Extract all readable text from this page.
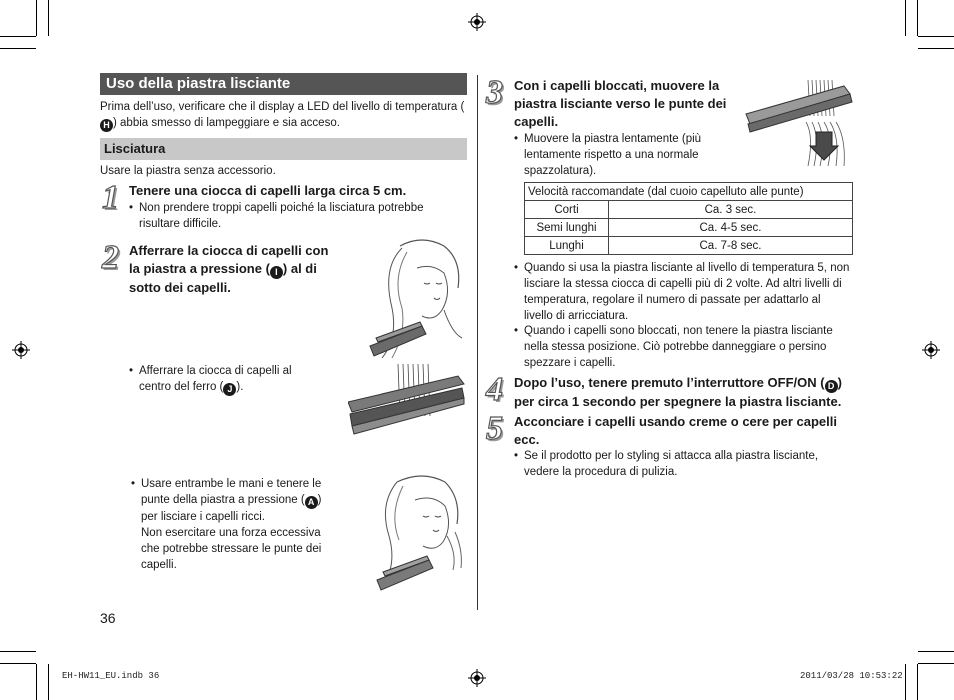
Uso della piastra lisciante
Prima dell’uso, verificare che il display a LED del livello di temperatura (H ) abbia smesso di lampeggiare e sia acceso.
Lisciatura
Usare la piastra senza accessorio.
1 Tenere una ciocca di capelli larga circa 5 cm.
• Non prendere troppi capelli poiché la lisciatura potrebbe risultare difficile.
2 Afferrare la ciocca di capelli con la piastra a pressione ( I ) al di sotto dei capelli.
• Afferrare la ciocca di capelli al centro del ferro ( J ).
• Usare entrambe le mani e tenere le punte della piastra a pressione ( A ) per lisciare i capelli ricci.
Non esercitare una forza eccessiva che potrebbe stressare le punte dei capelli.
36
3 Con i capelli bloccati, muovere la piastra lisciante verso le punte dei capelli.
• Muovere la piastra lentamente (più lentamente rispetto a una normale spazzolatura).
Velocità raccomandate (dal cuoio capelluto alle punte)	
Corti	Ca. 3 sec.
Semi lunghi	Ca. 4-5 sec.
Lunghi	Ca. 7-8 sec.
• Quando si usa la piastra lisciante al livello di temperatura 5, non lisciare la stessa ciocca di capelli più di 2 volte. Ad altri livelli di temperatura, regolare il numero di passate per adattarlo al livello di arricciatura.
• Quando i capelli sono bloccati, non tenere la piastra lisciante nella stessa posizione. Ciò potrebbe danneggiare o persino spezzare i capelli.
4 Dopo l’uso, tenere premuto l’interruttore OFF/ON ( D ) per circa 1 secondo per spegnere la piastra lisciante.
5 Acconciare i capelli usando creme o cere per capelli ecc.
• Se il prodotto per lo styling si attacca alla piastra lisciante, vedere la procedura di pulizia.
EH-HW11_EU.indb 36	2011/03/28 10:53:22
